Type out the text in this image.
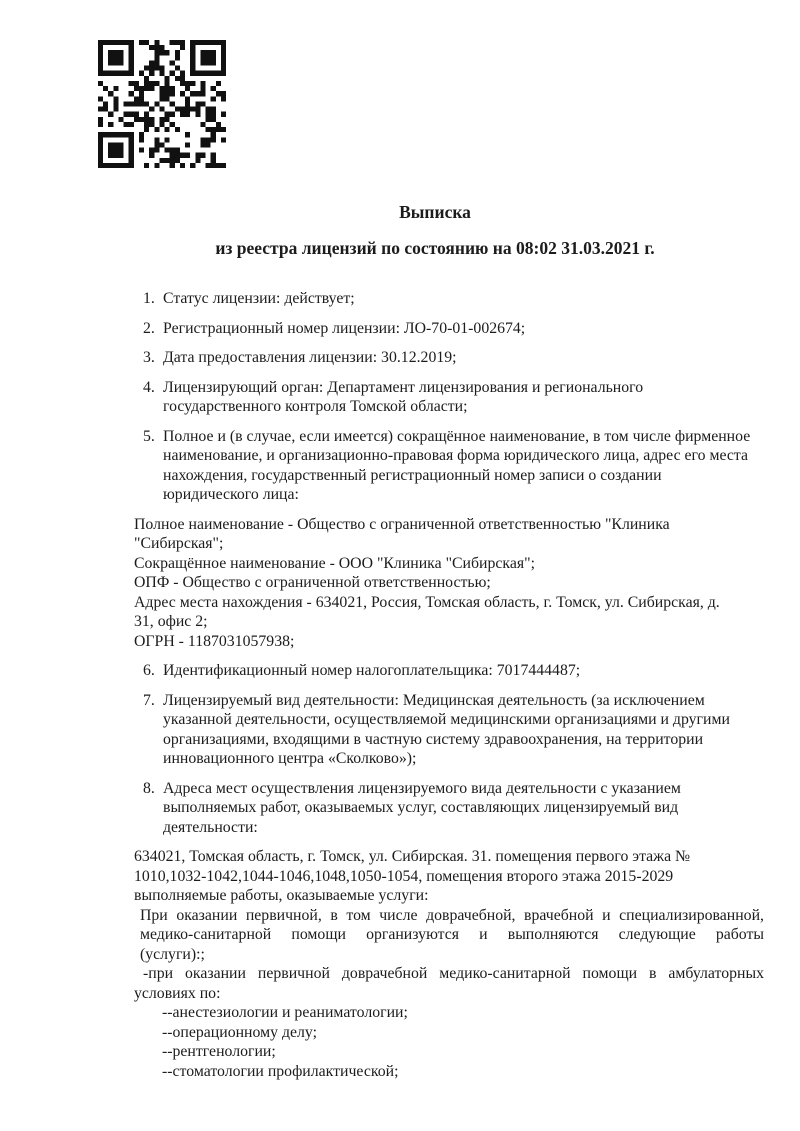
Выписка
из реестра лицензий по состоянию на 08:02 31.03.2021 г.
1. Статус лицензии: действует;
2. Регистрационный номер лицензии: ЛО-70-01-002674;
3. Дата предоставления лицензии: 30.12.2019;
4. Лицензирующий орган: Департамент лицензирования и регионального
государственного контроля Томской области;
5. Полное и (в случае, если имеется) сокращённое наименование, в том числе фирменное
наименование, и организационно-правовая форма юридического лица, адрес его места
нахождения, государственный регистрационный номер записи о создании
юридического лица:
Полное наименование - Общество с ограниченной ответственностью "Клиника
"Сибирская";
Сокращённое наименование - ООО "Клиника "Сибирская";
ОПФ - Общество с ограниченной ответственностью;
Адрес места нахождения - 634021, Россия, Томская область, г. Томск, ул. Сибирская, д.
31, офис 2;
ОГРН - 1187031057938;
6. Идентификационный номер налогоплательщика: 7017444487;
7. Лицензируемый вид деятельности: Медицинская деятельность (за исключением
указанной деятельности, осуществляемой медицинскими организациями и другими
организациями, входящими в частную систему здравоохранения, на территории
инновационного центра «Сколково»);
8. Адреса мест осуществления лицензируемого вида деятельности с указанием
выполняемых работ, оказываемых услуг, составляющих лицензируемый вид
деятельности:
634021, Томская область, г. Томск, ул. Сибирская. 31. помещения первого этажа №
1010,1032-1042,1044-1046,1048,1050-1054, помещения второго этажа 2015-2029
выполняемые работы, оказываемые услуги:
При оказании первичной, в том числе доврачебной, врачебной и специализированной,
медико-санитарной помощи организуются и выполняются следующие работы
(услуги):;
-при оказании первичной доврачебной медико-санитарной помощи в амбулаторных
условиях по:
--анестезиологии и реаниматологии;
--операционному делу;
--рентгенологии;
--стоматологии профилактической;
